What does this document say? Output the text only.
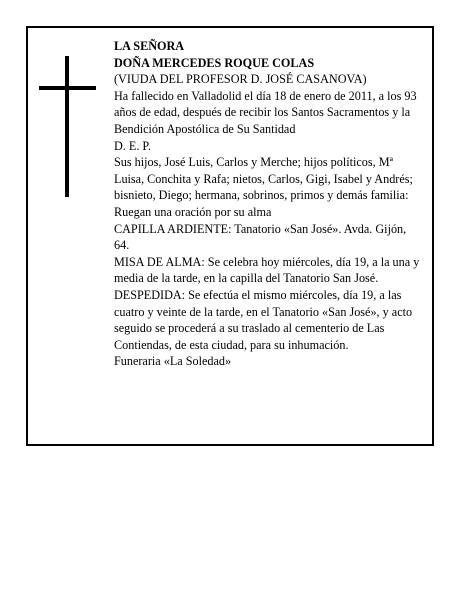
LA SEÑORA

DOÑA MERCEDES ROQUE COLAS

(VIUDA DEL PROFESOR D. JOSÉ CASANOVA)

Ha fallecido en Valladolid el día 18 de enero de 2011, a los 93 años de edad, después de recibir los Santos Sacramentos y la Bendición Apostólica de Su Santidad

D. E. P.

Sus hijos, José Luis, Carlos y Merche; hijos políticos, Mª Luisa, Conchita y Rafa; nietos, Carlos, Gigi, Isabel y Andrés; bisnieto, Diego; hermana, sobrinos, primos y demás familia:

Ruegan una oración por su alma

CAPILLA ARDIENTE: Tanatorio «San José». Avda. Gijón, 64.

MISA DE ALMA: Se celebra hoy miércoles, día 19, a la una y media de la tarde, en la capilla del Tanatorio San José.

DESPEDIDA: Se efectúa el mismo miércoles, día 19, a las cuatro y veinte de la tarde, en el Tanatorio «San José», y acto seguido se procederá a su traslado al cementerio de Las Contiendas, de esta ciudad, para su inhumación.

Funeraria «La Soledad»
